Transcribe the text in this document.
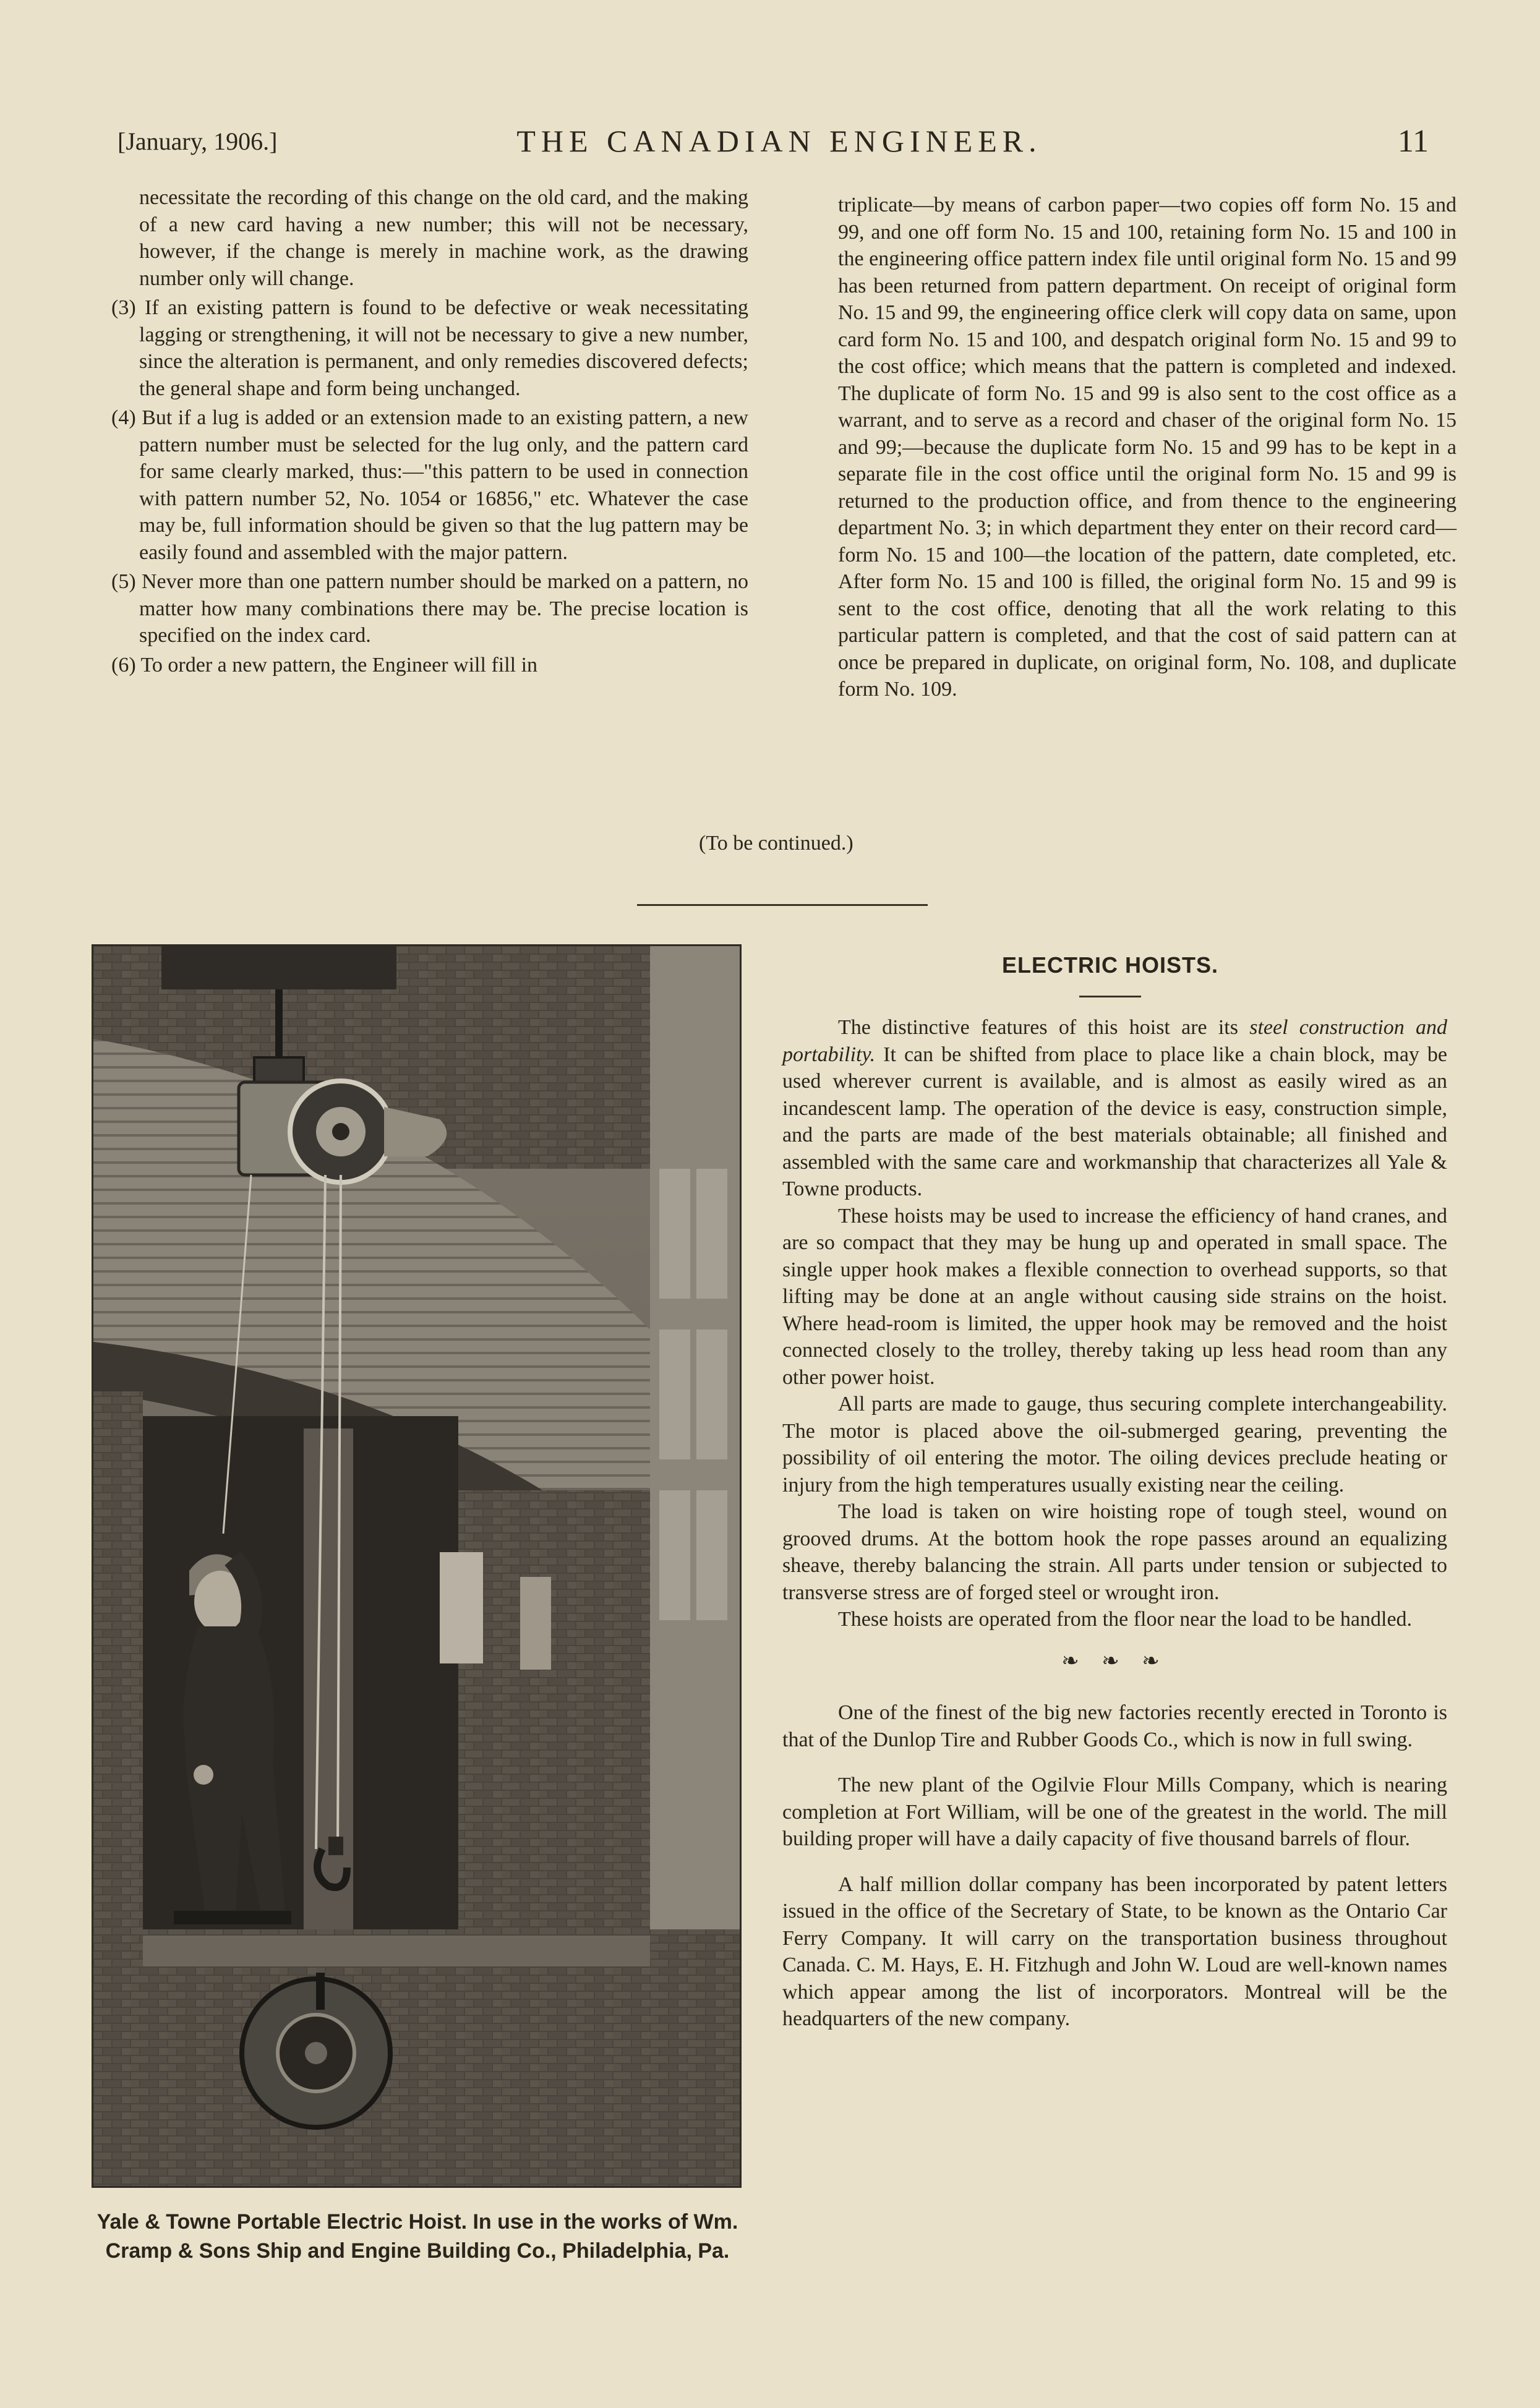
[January, 1906.]	THE CANADIAN ENGINEER.	11

necessitate the recording of this change on the old card, and the making of a new card having a new number; this will not be necessary, however, if the change is merely in machine work, as the drawing number only will change.

(3) If an existing pattern is found to be defective or weak necessitating lagging or strengthening, it will not be necessary to give a new number, since the alteration is permanent, and only remedies discovered defects; the general shape and form being unchanged.

(4) But if a lug is added or an extension made to an existing pattern, a new pattern number must be selected for the lug only, and the pattern card for same clearly marked, thus:—"this pattern to be used in connection with pattern number 52, No. 1054 or 16856," etc. Whatever the case may be, full information should be given so that the lug pattern may be easily found and assembled with the major pattern.

(5) Never more than one pattern number should be marked on a pattern, no matter how many combinations there may be. The precise location is specified on the index card.

(6) To order a new pattern, the Engineer will fill in

triplicate—by means of carbon paper—two copies off form No. 15 and 99, and one off form No. 15 and 100, retaining form No. 15 and 100 in the engineering office pattern index file until original form No. 15 and 99 has been returned from pattern department. On receipt of original form No. 15 and 99, the engineering office clerk will copy data on same, upon card form No. 15 and 100, and despatch original form No. 15 and 99 to the cost office; which means that the pattern is completed and indexed. The duplicate of form No. 15 and 99 is also sent to the cost office as a warrant, and to serve as a record and chaser of the original form No. 15 and 99;—because the duplicate form No. 15 and 99 has to be kept in a separate file in the cost office until the original form No. 15 and 99 is returned to the production office, and from thence to the engineering department No. 3; in which department they enter on their record card—form No. 15 and 100—the location of the pattern, date completed, etc. After form No. 15 and 100 is filled, the original form No. 15 and 99 is sent to the cost office, denoting that all the work relating to this particular pattern is completed, and that the cost of said pattern can at once be prepared in duplicate, on original form, No. 108, and duplicate form No. 109.

(To be continued.)
Yale & Towne Portable Electric Hoist. In use in the works of Wm. Cramp & Sons Ship and Engine Building Co., Philadelphia, Pa.
ELECTRIC HOISTS.

The distinctive features of this hoist are its steel construction and portability. It can be shifted from place to place like a chain block, may be used wherever current is available, and is almost as easily wired as an incandescent lamp. The operation of the device is easy, construction simple, and the parts are made of the best materials obtainable; all finished and assembled with the same care and workmanship that characterizes all Yale & Towne products.

These hoists may be used to increase the efficiency of hand cranes, and are so compact that they may be hung up and operated in small space. The single upper hook makes a flexible connection to overhead supports, so that lifting may be done at an angle without causing side strains on the hoist. Where head-room is limited, the upper hook may be removed and the hoist connected closely to the trolley, thereby taking up less head room than any other power hoist.

All parts are made to gauge, thus securing complete interchangeability. The motor is placed above the oil-submerged gearing, preventing the possibility of oil entering the motor. The oiling devices preclude heating or injury from the high temperatures usually existing near the ceiling.

The load is taken on wire hoisting rope of tough steel, wound on grooved drums. At the bottom hook the rope passes around an equalizing sheave, thereby balancing the strain. All parts under tension or subjected to transverse stress are of forged steel or wrought iron.

These hoists are operated from the floor near the load to be handled.

❧ ❧ ❧

One of the finest of the big new factories recently erected in Toronto is that of the Dunlop Tire and Rubber Goods Co., which is now in full swing.

The new plant of the Ogilvie Flour Mills Company, which is nearing completion at Fort William, will be one of the greatest in the world. The mill building proper will have a daily capacity of five thousand barrels of flour.

A half million dollar company has been incorporated by patent letters issued in the office of the Secretary of State, to be known as the Ontario Car Ferry Company. It will carry on the transportation business throughout Canada. C. M. Hays, E. H. Fitzhugh and John W. Loud are well-known names which appear among the list of incorporators. Montreal will be the headquarters of the new company.
